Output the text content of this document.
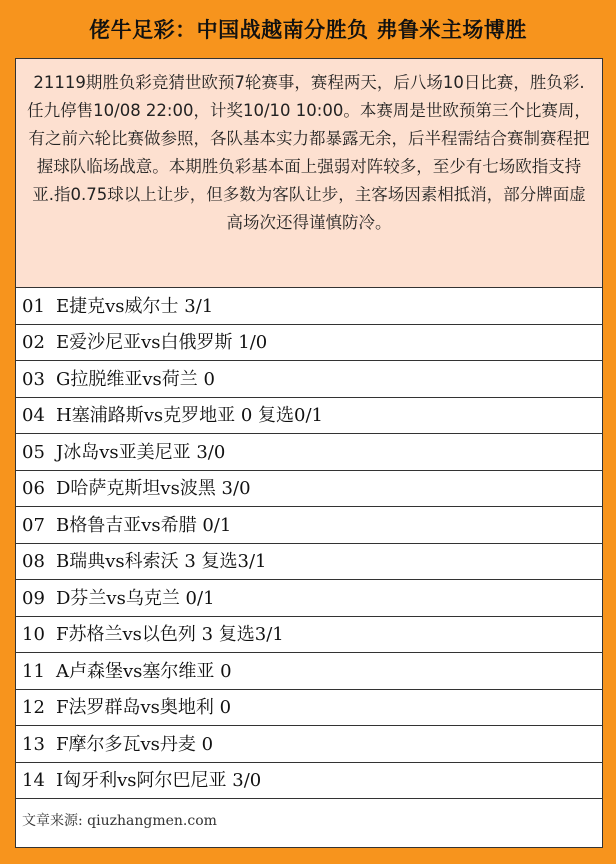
佬牛足彩：中国战越南分胜负 弗鲁米主场博胜
21119期胜负彩竞猜世欧预7轮赛事，赛程两天，后八场10日比赛，胜负彩.任九停售10/08 22:00，计奖10/10 10:00。本赛周是世欧预第三个比赛周，有之前六轮比赛做参照，各队基本实力都暴露无余，后半程需结合赛制赛程把握球队临场战意。本期胜负彩基本面上强弱对阵较多，至少有七场欧指支持亚.指0.75球以上让步，但多数为客队让步，主客场因素相抵消，部分牌面虚高场次还得谨慎防冷。
01 E捷克vs威尔士 3/1
02 E爱沙尼亚vs白俄罗斯 1/0
03 G拉脱维亚vs荷兰 0
04 H塞浦路斯vs克罗地亚 0 复选0/1
05 J冰岛vs亚美尼亚 3/0
06 D哈萨克斯坦vs波黑 3/0
07 B格鲁吉亚vs希腊 0/1
08 B瑞典vs科索沃 3 复选3/1
09 D芬兰vs乌克兰 0/1
10 F苏格兰vs以色列 3 复选3/1
11 A卢森堡vs塞尔维亚 0
12 F法罗群岛vs奥地利 0
13 F摩尔多瓦vs丹麦 0
14 I匈牙利vs阿尔巴尼亚 3/0
文章来源: qiuzhangmen.com
